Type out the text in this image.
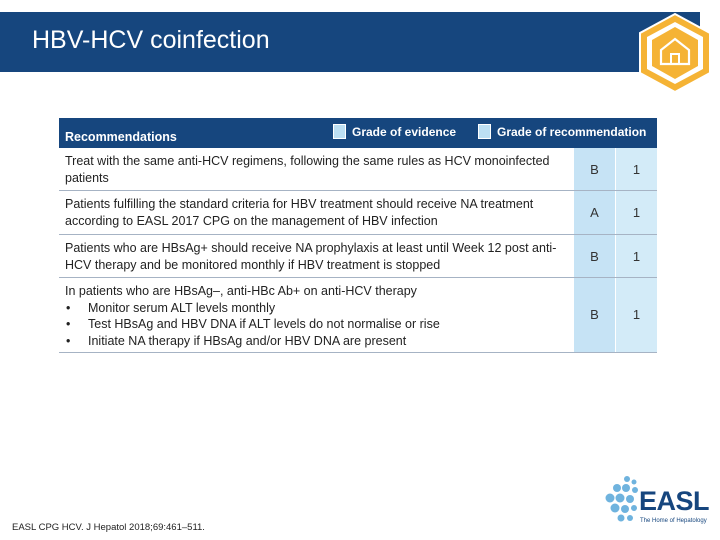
HBV-HCV coinfection
Recommendations	Grade of evidence	Grade of recommendation
Treat with the same anti-HCV regimens, following the same rules as HCV monoinfected patients
B	1
Patients fulfilling the standard criteria for HBV treatment should receive NA treatment according to EASL 2017 CPG on the management of HBV infection
A	1
Patients who are HBsAg+ should receive NA prophylaxis at least until Week 12 post anti-HCV therapy and be monitored monthly if HBV treatment is stopped
B	1
In patients who are HBsAg–, anti-HBc Ab+ on anti-HCV therapy
• Monitor serum ALT levels monthly
• Test HBsAg and HBV DNA if ALT levels do not normalise or rise
• Initiate NA therapy if HBsAg and/or HBV DNA are present
B	1
EASL CPG HCV. J Hepatol 2018;69:461–511.
EASL
The Home of Hepatology
